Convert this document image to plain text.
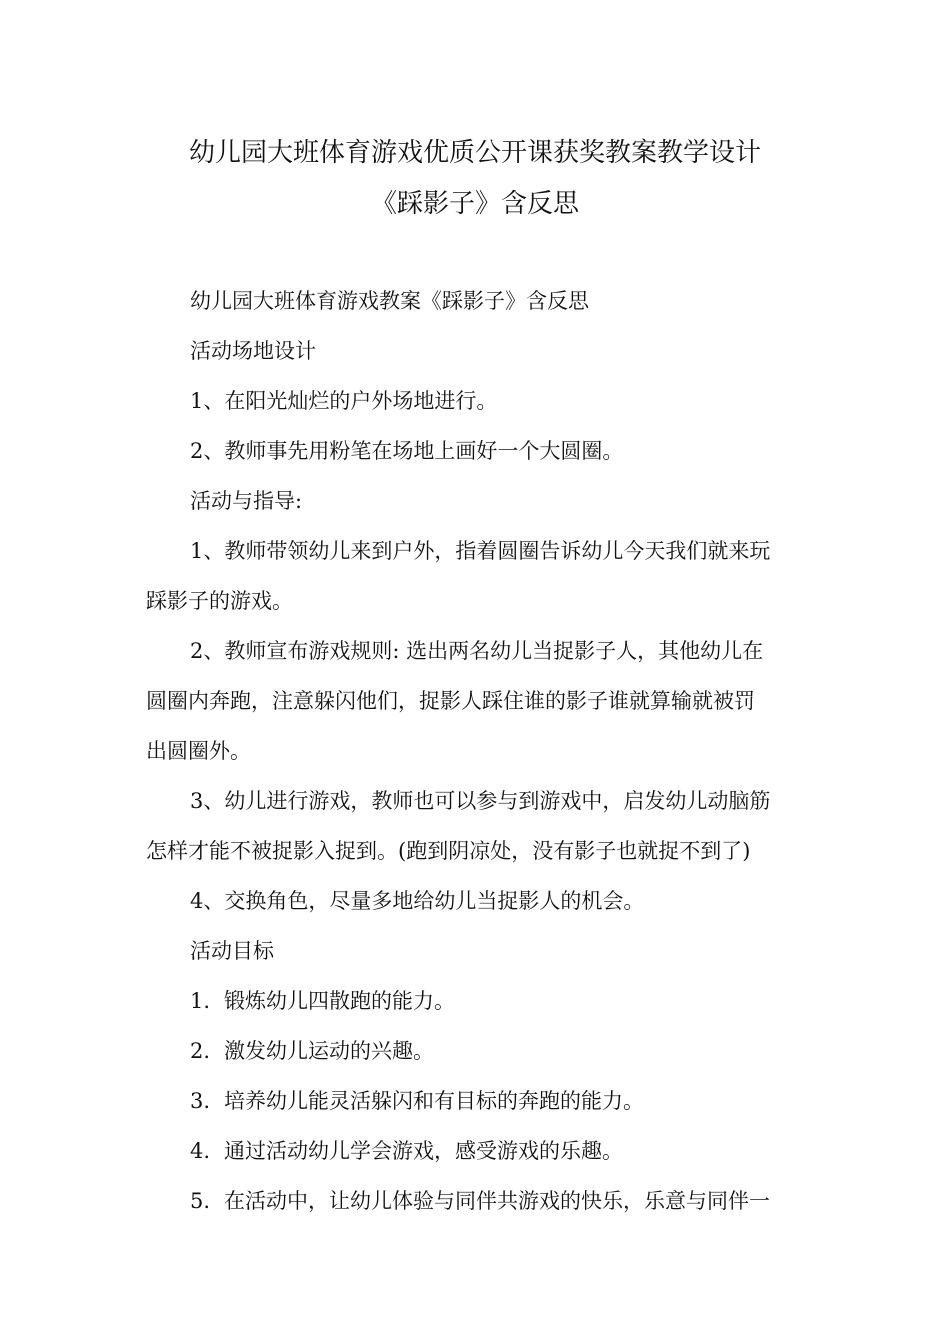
幼儿园大班体育游戏优质公开课获奖教案教学设计
《踩影子》含反思
幼儿园大班体育游戏教案《踩影子》含反思
活动场地设计
1、在阳光灿烂的户外场地进行。
2、教师事先用粉笔在场地上画好一个大圆圈。
活动与指导:
1、教师带领幼儿来到户外，指着圆圈告诉幼儿今天我们就来玩
踩影子的游戏。
2、教师宣布游戏规则: 选出两名幼儿当捉影子人，其他幼儿在
圆圈内奔跑，注意躲闪他们，捉影人踩住谁的影子谁就算输就被罚
出圆圈外。
3、幼儿进行游戏，教师也可以参与到游戏中，启发幼儿动脑筋
怎样才能不被捉影入捉到。(跑到阴凉处，没有影子也就捉不到了)
4、交换角色，尽量多地给幼儿当捉影人的机会。
活动目标
1. 锻炼幼儿四散跑的能力。
2. 激发幼儿运动的兴趣。
3. 培养幼儿能灵活躲闪和有目标的奔跑的能力。
4. 通过活动幼儿学会游戏，感受游戏的乐趣。
5. 在活动中，让幼儿体验与同伴共游戏的快乐，乐意与同伴一
